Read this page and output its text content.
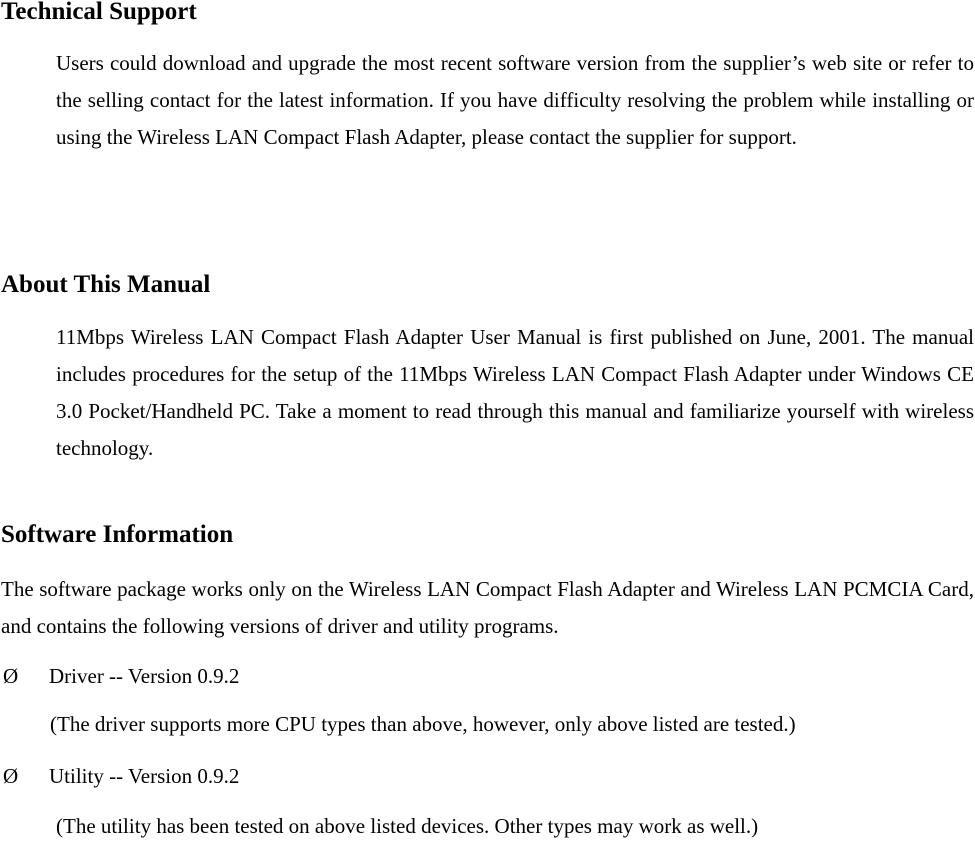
Technical Support

Users could download and upgrade the most recent software version from the supplier’s web site or refer to the selling contact for the latest information. If you have difficulty resolving the problem while installing or using the Wireless LAN Compact Flash Adapter, please contact the supplier for support.

About This Manual

11Mbps Wireless LAN Compact Flash Adapter User Manual is first published on June, 2001. The manual includes procedures for the setup of the 11Mbps Wireless LAN Compact Flash Adapter under Windows CE 3.0 Pocket/Handheld PC. Take a moment to read through this manual and familiarize yourself with wireless technology.

Software Information

The software package works only on the Wireless LAN Compact Flash Adapter and Wireless LAN PCMCIA Card, and contains the following versions of driver and utility programs.

Ø Driver -- Version 0.9.2
(The driver supports more CPU types than above, however, only above listed are tested.)
Ø Utility -- Version 0.9.2
(The utility has been tested on above listed devices. Other types may work as well.)
